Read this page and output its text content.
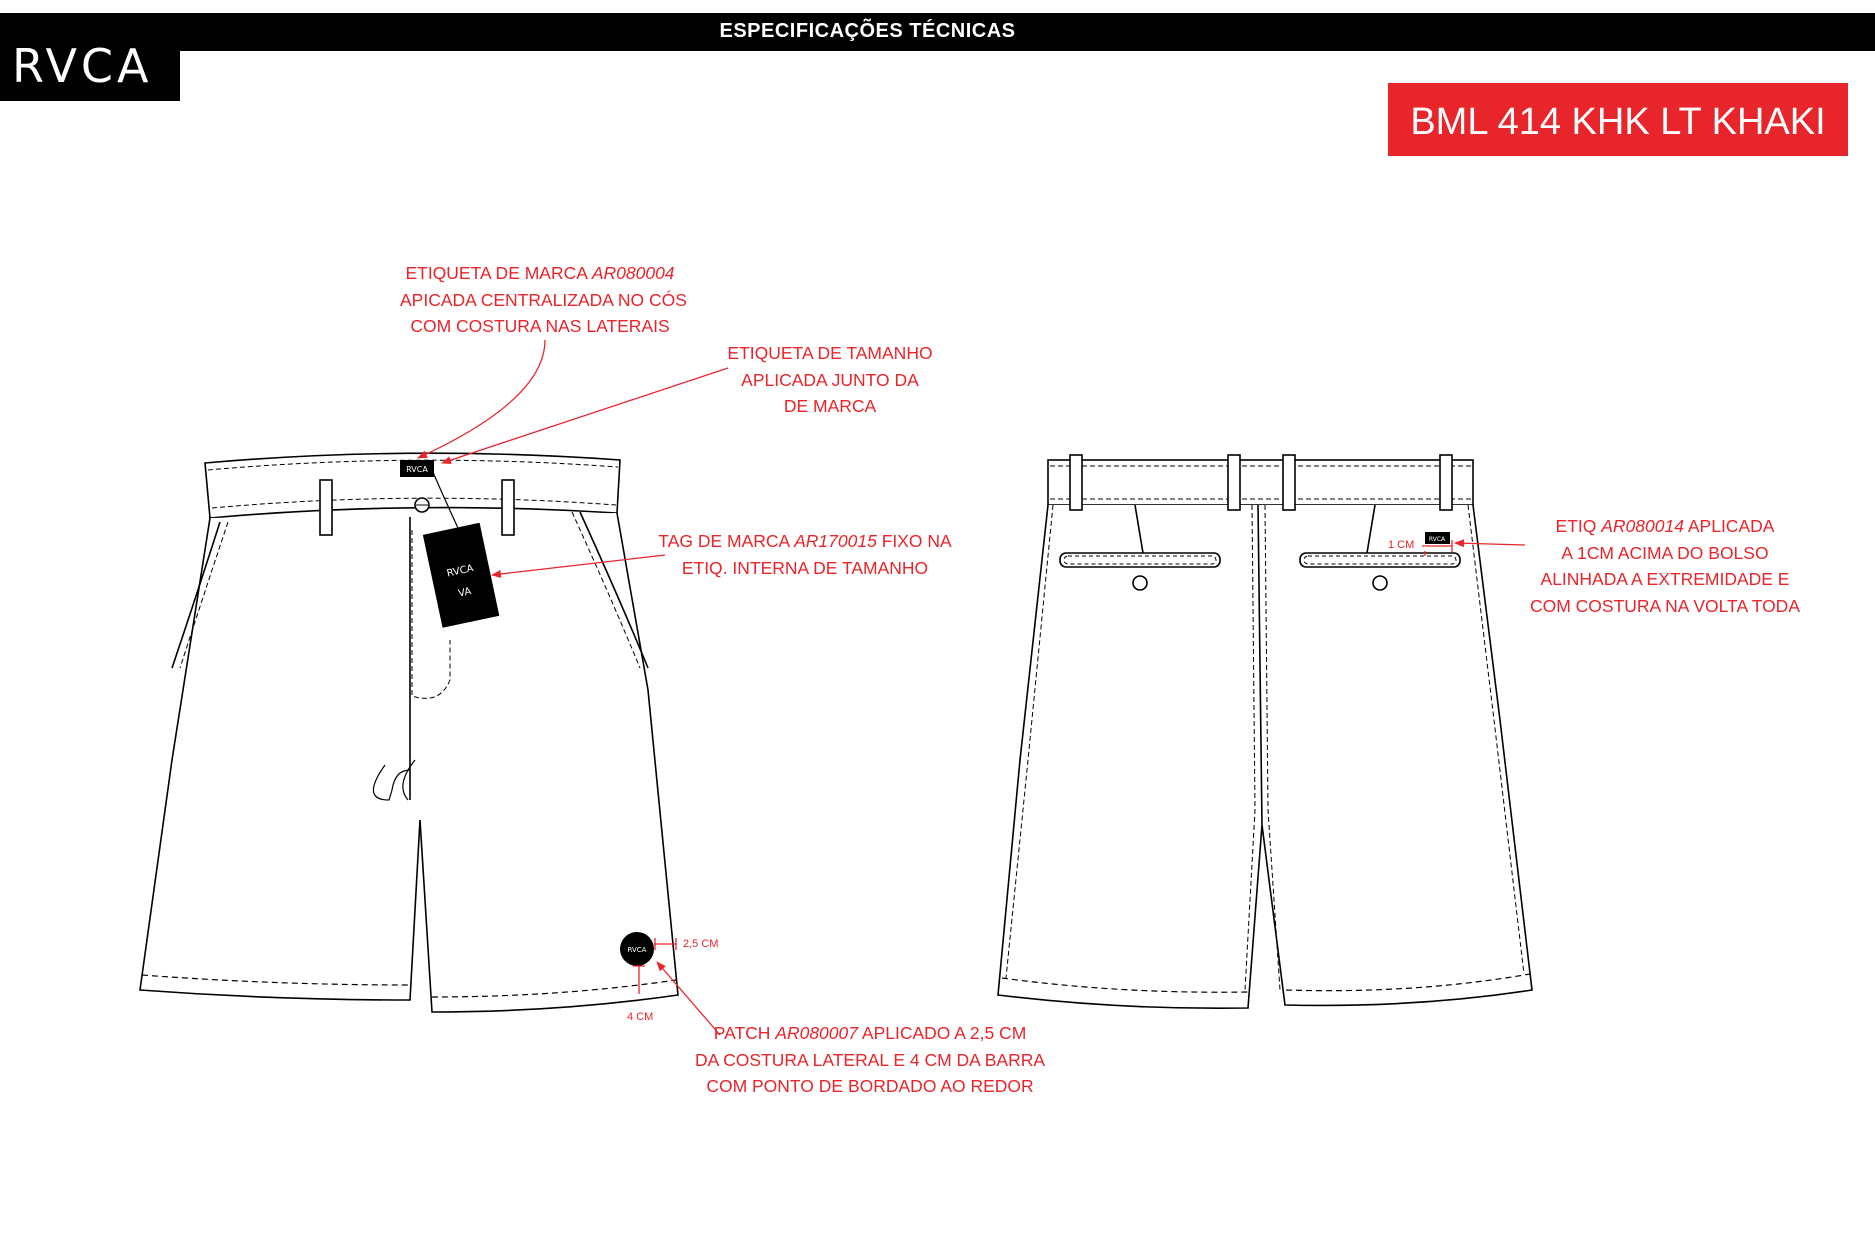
ESPECIFICAÇÕES TÉCNICAS
RVCA
BML 414 KHK LT KHAKI
RVCA
RVCA
VA
RVCA
RVCA
2,5 CM
4 CM
1 CM
ETIQUETA DE MARCA AR080004
APICADA CENTRALIZADA NO CÓS
COM COSTURA NAS LATERAIS
ETIQUETA DE TAMANHO
APLICADA JUNTO DA
DE MARCA
TAG DE MARCA AR170015 FIXO NA
ETIQ. INTERNA DE TAMANHO
ETIQ AR080014 APLICADA
A 1CM ACIMA DO BOLSO
ALINHADA A EXTREMIDADE E
COM COSTURA NA VOLTA TODA
PATCH AR080007 APLICADO A 2,5 CM
DA COSTURA LATERAL E 4 CM DA BARRA
COM PONTO DE BORDADO AO REDOR
